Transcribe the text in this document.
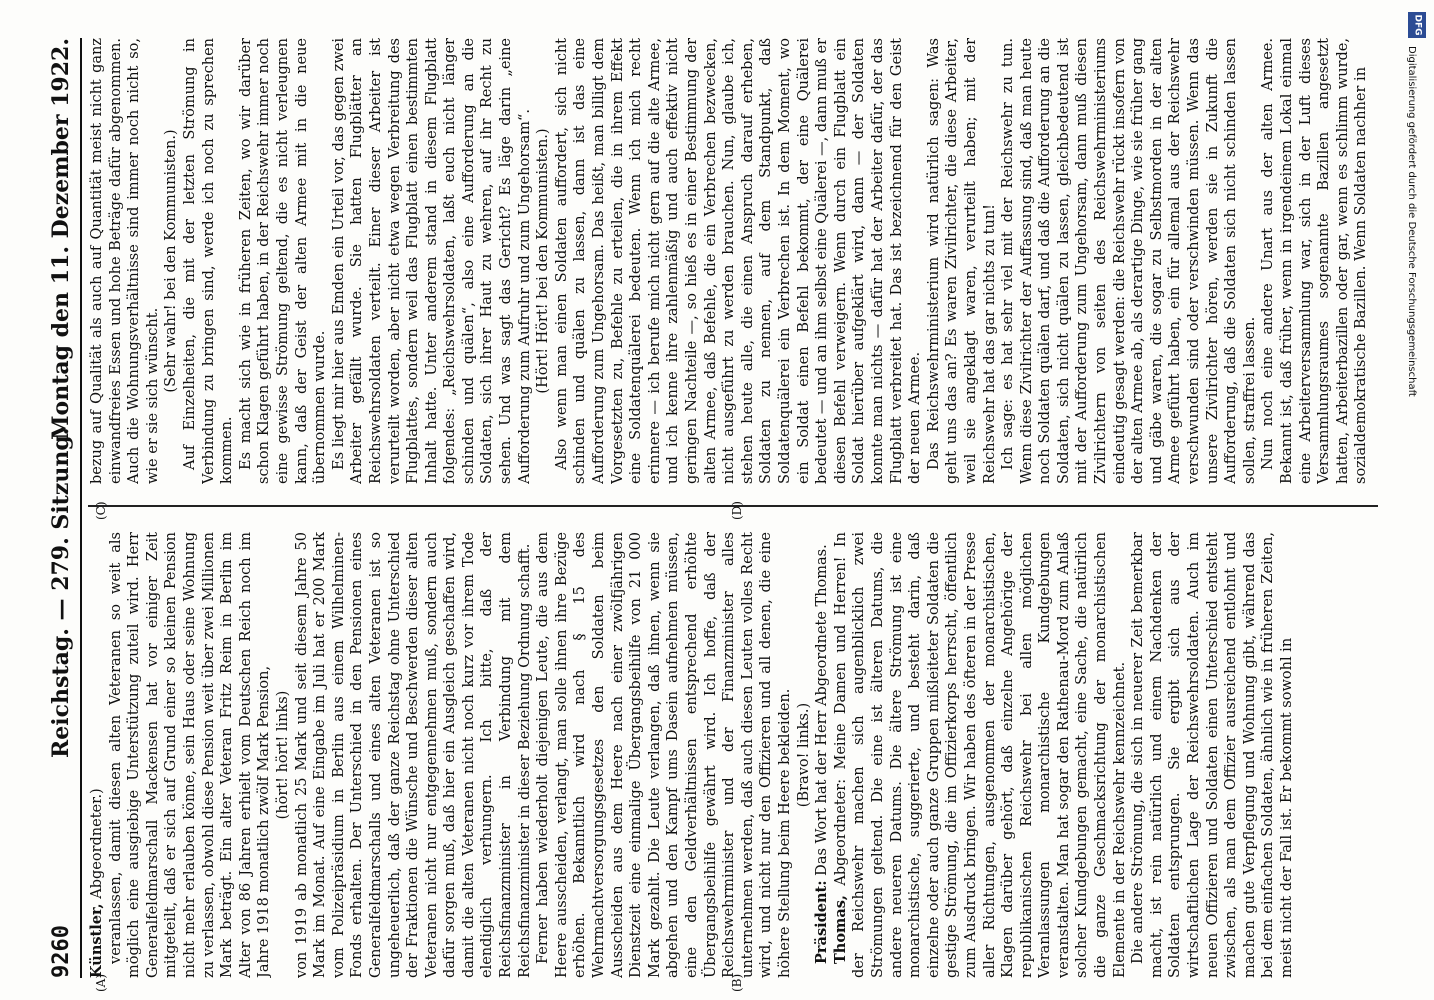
9260
Reichstag. — 279. Sitzung.
Montag den 11. Dezember 1922.

Künstler, Abgeordneter.) veranlassen, damit diesen alten Veteranen so weit als möglich eine ausgiebige Unterstützung zuteil wird. Herr Generalfeldmarschall Mackensen hat vor einiger Zeit mitgeteilt, daß er sich auf Grund einer so kleinen Pension nicht mehr erlauben könne, sein Haus oder seine Wohnung zu verlassen, obwohl diese Pension weit über zwei Millionen Mark beträgt. Ein alter Veteran Fritz Reim in Berlin im Alter von 86 Jahren erhielt vom Deutschen Reich noch im Jahre 1918 monatlich zwölf Mark Pension, (hört! hört! links) von 1919 ab monatlich 25 Mark und seit diesem Jahre 50 Mark im Monat. Auf eine Eingabe im Juli hat er 200 Mark vom Polizeipräsidium in Berlin aus einem Wilhelminen-Fonds erhalten. Der Unterschied in den Pensionen eines Generalfeldmarschalls und eines alten Veteranen ist so ungeheuerlich, daß der ganze Reichstag ohne Unterschied der Fraktionen die Wünsche und Beschwerden dieser alten Veteranen nicht nur entgegennehmen muß, sondern auch dafür sorgen muß, daß hier ein Ausgleich geschaffen wird, damit die alten Veteranen nicht noch kurz vor ihrem Tode elendiglich verhungern. Ich bitte, daß der Reichsfinanzminister in Verbindung mit dem Reichsfinanzminister in dieser Beziehung Ordnung schafft. Ferner haben wiederholt diejenigen Leute, die aus dem Heere ausscheiden, verlangt, man solle ihnen ihre Bezüge erhöhen. Bekanntlich wird nach § 15 des Wehrmachtversorgungsgesetzes den Soldaten beim Ausscheiden aus dem Heere nach einer zwölfjährigen Dienstzeit eine einmalige Übergangsbeihilfe von 21 000 Mark gezahlt. Die Leute verlangen, daß ihnen, wenn sie abgehen und den Kampf ums Dasein aufnehmen müssen, eine den Geldverhältnissen entsprechend erhöhte Übergangsbeihilfe gewährt wird. Ich hoffe, daß der Reichswehrminister und der Finanzminister alles unternehmen werden, daß auch diesen Leuten volles Recht wird, und nicht nur den Offizieren und all denen, die eine höhere Stellung beim Heere bekleiden. (Bravo! links.)

Präsident: Das Wort hat der Herr Abgeordnete Thomas.

Thomas, Abgeordneter: Meine Damen und Herren! In der Reichswehr machen sich augenblicklich zwei Strömungen geltend. Die eine ist älteren Datums, die andere neueren Datums. Die ältere Strömung ist eine monarchistische, suggerierte, und besteht darin, daß einzelne oder auch ganze Gruppen mißleiteter Soldaten die gestige Strömung, die im Offizierkorps herrscht, öffentlich zum Ausdruck bringen. Wir haben des öfteren in der Presse aller Richtungen, ausgenommen der monarchistischen, Klagen darüber gehört, daß einzelne Angehörige der republikanischen Reichswehr bei allen möglichen Veranlassungen monarchistische Kundgebungen veranstalten. Man hat sogar den Rathenau-Mord zum Anlaß solcher Kundgebungen gemacht, eine Sache, die natürlich die ganze Geschmacksrichtung der monarchistischen Elemente in der Reichswehr kennzeichnet. Die andere Strömung, die sich in neuerer Zeit bemerkbar macht, ist rein natürlich und einem Nachdenken der Soldaten entsprungen. Sie ergibt sich aus der wirtschaftlichen Lage der Reichswehrsoldaten. Auch im neuen Offizieren und Soldaten einen Unterschied entsteht zwischen, als man dem Offizier ausreichend entlohnt und machen gute Verpflegung und Wohnung gibt, während das bei dem einfachen Soldaten, ähnlich wie in früheren Zeiten, meist nicht der Fall ist. Er bekommt sowohl in

bezug auf Qualität als auch auf Quantität meist nicht ganz einwandfreies Essen und hohe Beträge dafür abgenommen. Auch die Wohnungsverhältnisse sind immer noch nicht so, wie er sie sich wünscht.

(Sehr wahr! bei den Kommunisten.) Auf Einzelheiten, die mit der letzten Strömung in Verbindung zu bringen sind, werde ich noch zu sprechen kommen. Es macht sich wie in früheren Zeiten, wo wir darüber schon Klagen geführt haben, in der Reichswehr immer noch eine gewisse Strömung geltend, die es nicht verleugnen kann, daß der Geist der alten Armee mit in die neue übernommen wurde. Es liegt mir hier aus Emden ein Urteil vor, das gegen zwei Arbeiter gefällt wurde. Sie hatten Flugblätter an Reichswehrsoldaten verteilt. Einer dieser Arbeiter ist verurteilt worden, aber nicht etwa wegen Verbreitung des Flugblattes, sondern weil das Flugblatt einen bestimmten Inhalt hatte. Unter anderem stand in diesem Flugblatt folgendes: „Reichswehrsoldaten, laßt euch nicht länger schinden und quälen“, also eine Aufforderung an die Soldaten, sich ihrer Haut zu wehren, auf ihr Recht zu sehen. Und was sagt das Gericht? Es läge darin „eine Aufforderung zum Aufruhr und zum Ungehorsam“. (Hört! Hört! bei den Kommunisten.) Also wenn man einen Soldaten auffordert, sich nicht schinden und quälen zu lassen, dann ist das eine Aufforderung zum Ungehorsam. Das heißt, man billigt dem Vorgesetzten zu, Befehle zu erteilen, die in ihrem Effekt eine Soldatenquälerei bedeuten. Wenn ich mich recht erinnere — ich berufe mich nicht gern auf die alte Armee, und ich kenne ihre zahlenmäßig und auch effektiv nicht geringen Nachteile —, so hieß es in einer Bestimmung der alten Armee, daß Befehle, die ein Verbrechen bezwecken, nicht ausgeführt zu werden brauchen. Nun, glaube ich, stehen heute alle, die einen Anspruch darauf erheben, Soldaten zu nennen, auf dem Standpunkt, daß Soldatenquälerei ein Verbrechen ist. In dem Moment, wo ein Soldat einen Befehl bekommt, der eine Quälerei bedeutet — und an ihm selbst eine Quälerei —, dann muß er diesen Befehl verweigern. Wenn durch ein Flugblatt ein Soldat hierüber aufgeklärt wird, dann — der Soldaten konnte man nichts — dafür hat der Arbeiter dafür, der das Flugblatt verbreitet hat. Das ist bezeichnend für den Geist der neuen Armee. Das Reichswehrministerium wird natürlich sagen: Was geht uns das an? Es waren Zivilrichter, die diese Arbeiter, weil sie angeklagt waren, verurteilt haben; mit der Reichswehr hat das gar nichts zu tun! Ich sage: es hat sehr viel mit der Reichswehr zu tun. Wenn diese Zivilrichter der Auffassung sind, daß man heute noch Soldaten quälen darf, und daß die Aufforderung an die Soldaten, sich nicht quälen zu lassen, gleichbedeutend ist mit der Aufforderung zum Ungehorsam, dann muß diesen Zivilrichtern von seiten des Reichswehrministeriums eindeutig gesagt werden: die Reichswehr rückt insofern von der alten Armee ab, als derartige Dinge, wie sie früher gang und gäbe waren, die sogar zu Selbstmorden in der alten Armee geführt haben, ein für allemal aus der Reichswehr verschwunden sind oder verschwinden müssen. Wenn das unsere Zivilrichter hören, werden sie in Zukunft die Aufforderung, daß die Soldaten sich nicht schinden lassen sollen, straffrei lassen. Nun noch eine andere Unart aus der alten Armee. Bekannt ist, daß früher, wenn in irgendeinem Lokal einmal eine Arbeiterversammlung war, sich in der Luft dieses Versammlungsraumes sogenannte Bazillen angesetzt hatten, Arbeiterbazillen oder gar, wenn es schlimm wurde, sozialdemokratische Bazillen. Wenn Soldaten nachher in

(A)	(B)
(C)	(D)
DFG
Digitalisierung gefördert durch die Deutsche Forschungsgemeinschaft
